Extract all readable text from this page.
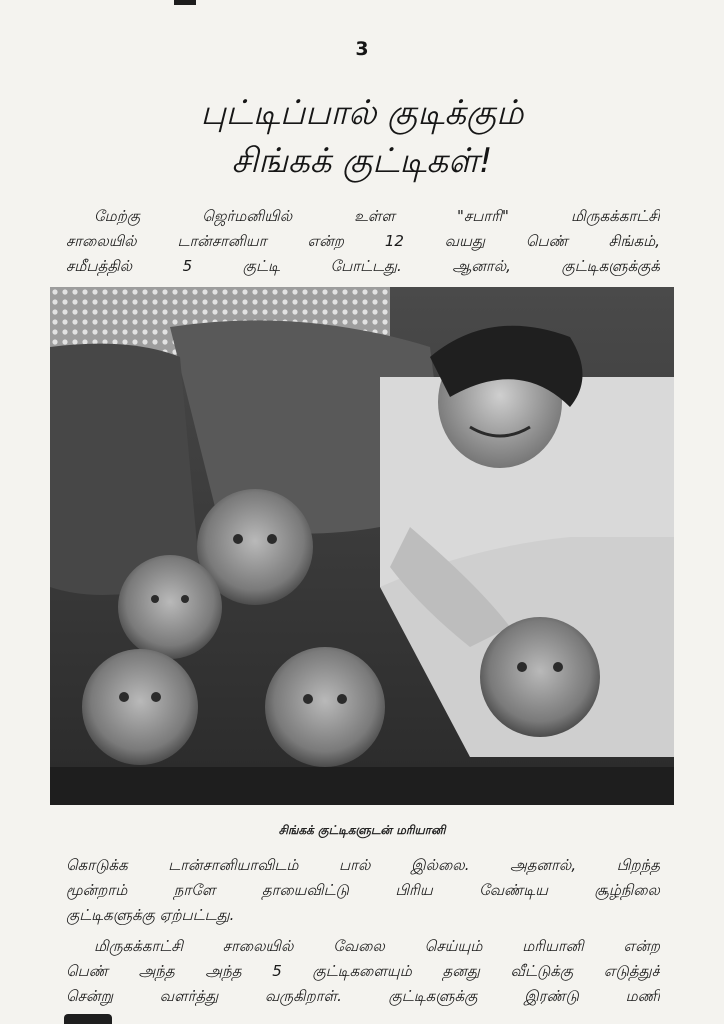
3
புட்டிப்பால் குடிக்கும்
சிங்கக் குட்டிகள்!
மேற்கு ஜெர்மனியில் உள்ள "சபாரி" மிருகக்காட்சி
சாலையில் டான்சானியா என்ற 12 வயது பெண் சிங்கம்,
சமீபத்தில் 5 குட்டி போட்டது. ஆனால், குட்டிகளுக்குக்
சிங்கக் குட்டிகளுடன் மரியானி
கொடுக்க டான்சானியாவிடம் பால் இல்லை. அதனால், பிறந்த
மூன்றாம் நாளே தாயைவிட்டு பிரிய வேண்டிய சூழ்நிலை
குட்டிகளுக்கு ஏற்பட்டது.
மிருகக்காட்சி சாலையில் வேலை செய்யும் மரியானி என்ற
பெண் அந்த அந்த 5 குட்டிகளையும் தனது வீட்டுக்கு எடுத்துச்
சென்று வளர்த்து வருகிறாள். குட்டிகளுக்கு இரண்டு மணி
